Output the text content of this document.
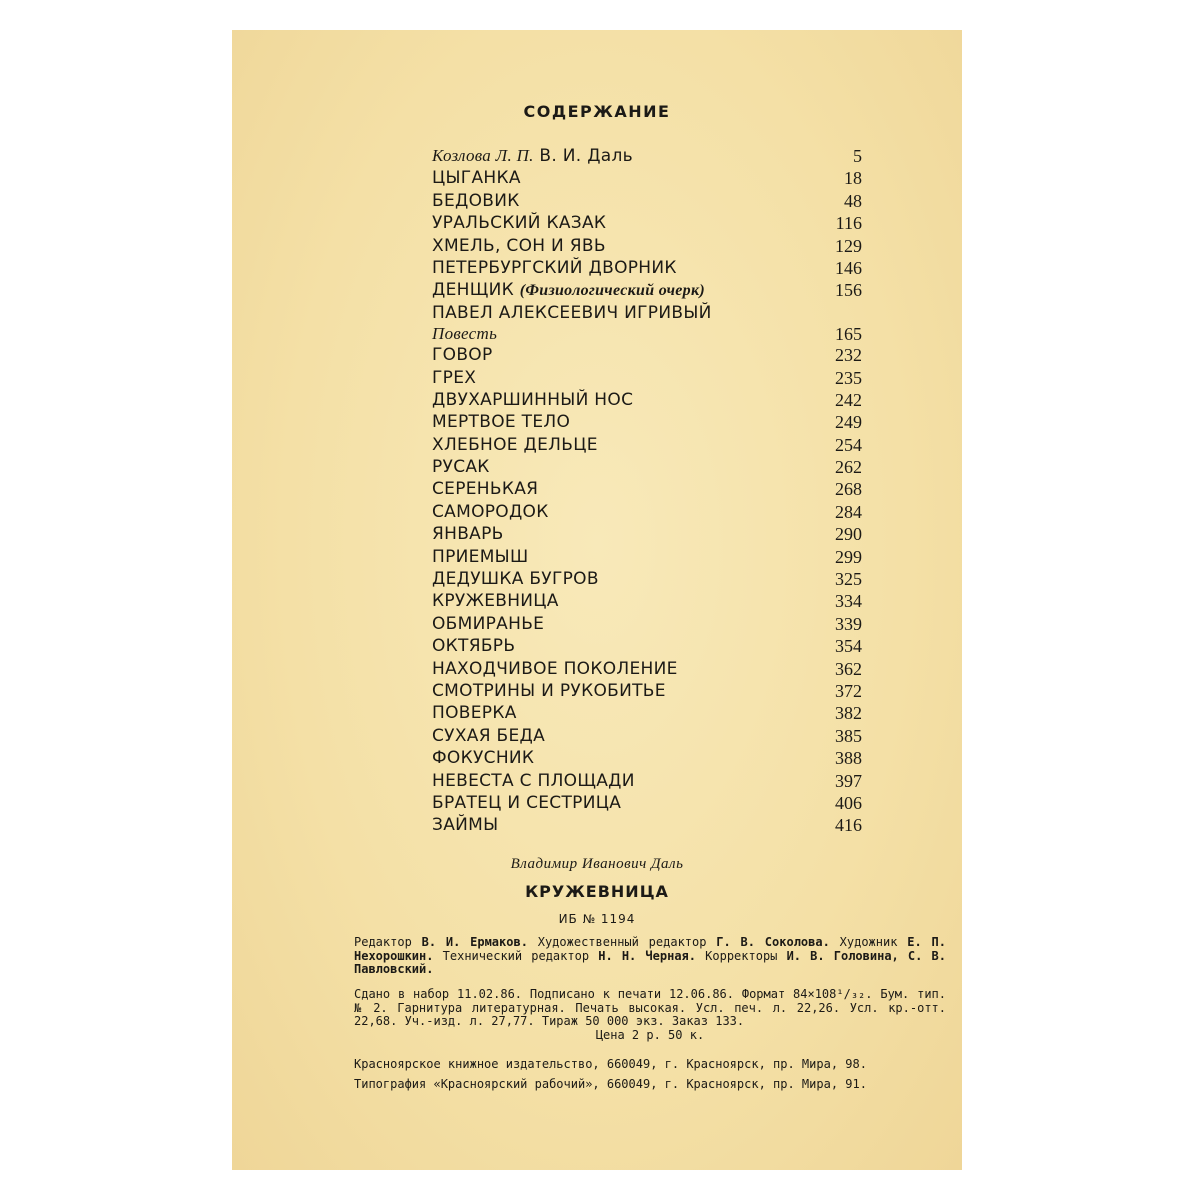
СОДЕРЖАНИЕ
Козлова Л. П. В. И. Даль	5
ЦЫГАНКА	18
БЕДОВИК	48
УРАЛЬСКИЙ КАЗАК	116
ХМЕЛЬ, СОН И ЯВЬ	129
ПЕТЕРБУРГСКИЙ ДВОРНИК	146
ДЕНЩИК (Физиологический очерк)	156
ПАВЕЛ АЛЕКСЕЕВИЧ ИГРИВЫЙ
Повесть	165
ГОВОР	232
ГРЕХ	235
ДВУХАРШИННЫЙ НОС	242
МЕРТВОЕ ТЕЛО	249
ХЛЕБНОЕ ДЕЛЬЦЕ	254
РУСАК	262
СЕРЕНЬКАЯ	268
САМОРОДОК	284
ЯНВАРЬ	290
ПРИЕМЫШ	299
ДЕДУШКА БУГРОВ	325
КРУЖЕВНИЦА	334
ОБМИРАНЬЕ	339
ОКТЯБРЬ	354
НАХОДЧИВОЕ ПОКОЛЕНИЕ	362
СМОТРИНЫ И РУКОБИТЬЕ	372
ПОВЕРКА	382
СУХАЯ БЕДА	385
ФОКУСНИК	388
НЕВЕСТА С ПЛОЩАДИ	397
БРАТЕЦ И СЕСТРИЦА	406
ЗАЙМЫ	416
Владимир Иванович Даль
КРУЖЕВНИЦА
ИБ № 1194
Редактор В. И. Ермаков. Художественный редактор Г. В. Соколова. Художник Е. П. Нехорошкин. Технический редактор Н. Н. Черная. Корректоры И. В. Головина, С. В. Павловский.
Сдано в набор 11.02.86. Подписано к печати 12.06.86. Формат 84×108¹/₃₂. Бум. тип. № 2. Гарнитура литературная. Печать высокая. Усл. печ. л. 22,26. Усл. кр.-отт. 22,68. Уч.-изд. л. 27,77. Тираж 50 000 экз. Заказ 133.
Цена 2 р. 50 к.
Красноярское книжное издательство, 660049, г. Красноярск, пр. Мира, 98.
Типография «Красноярский рабочий», 660049, г. Красноярск, пр. Мира, 91.
